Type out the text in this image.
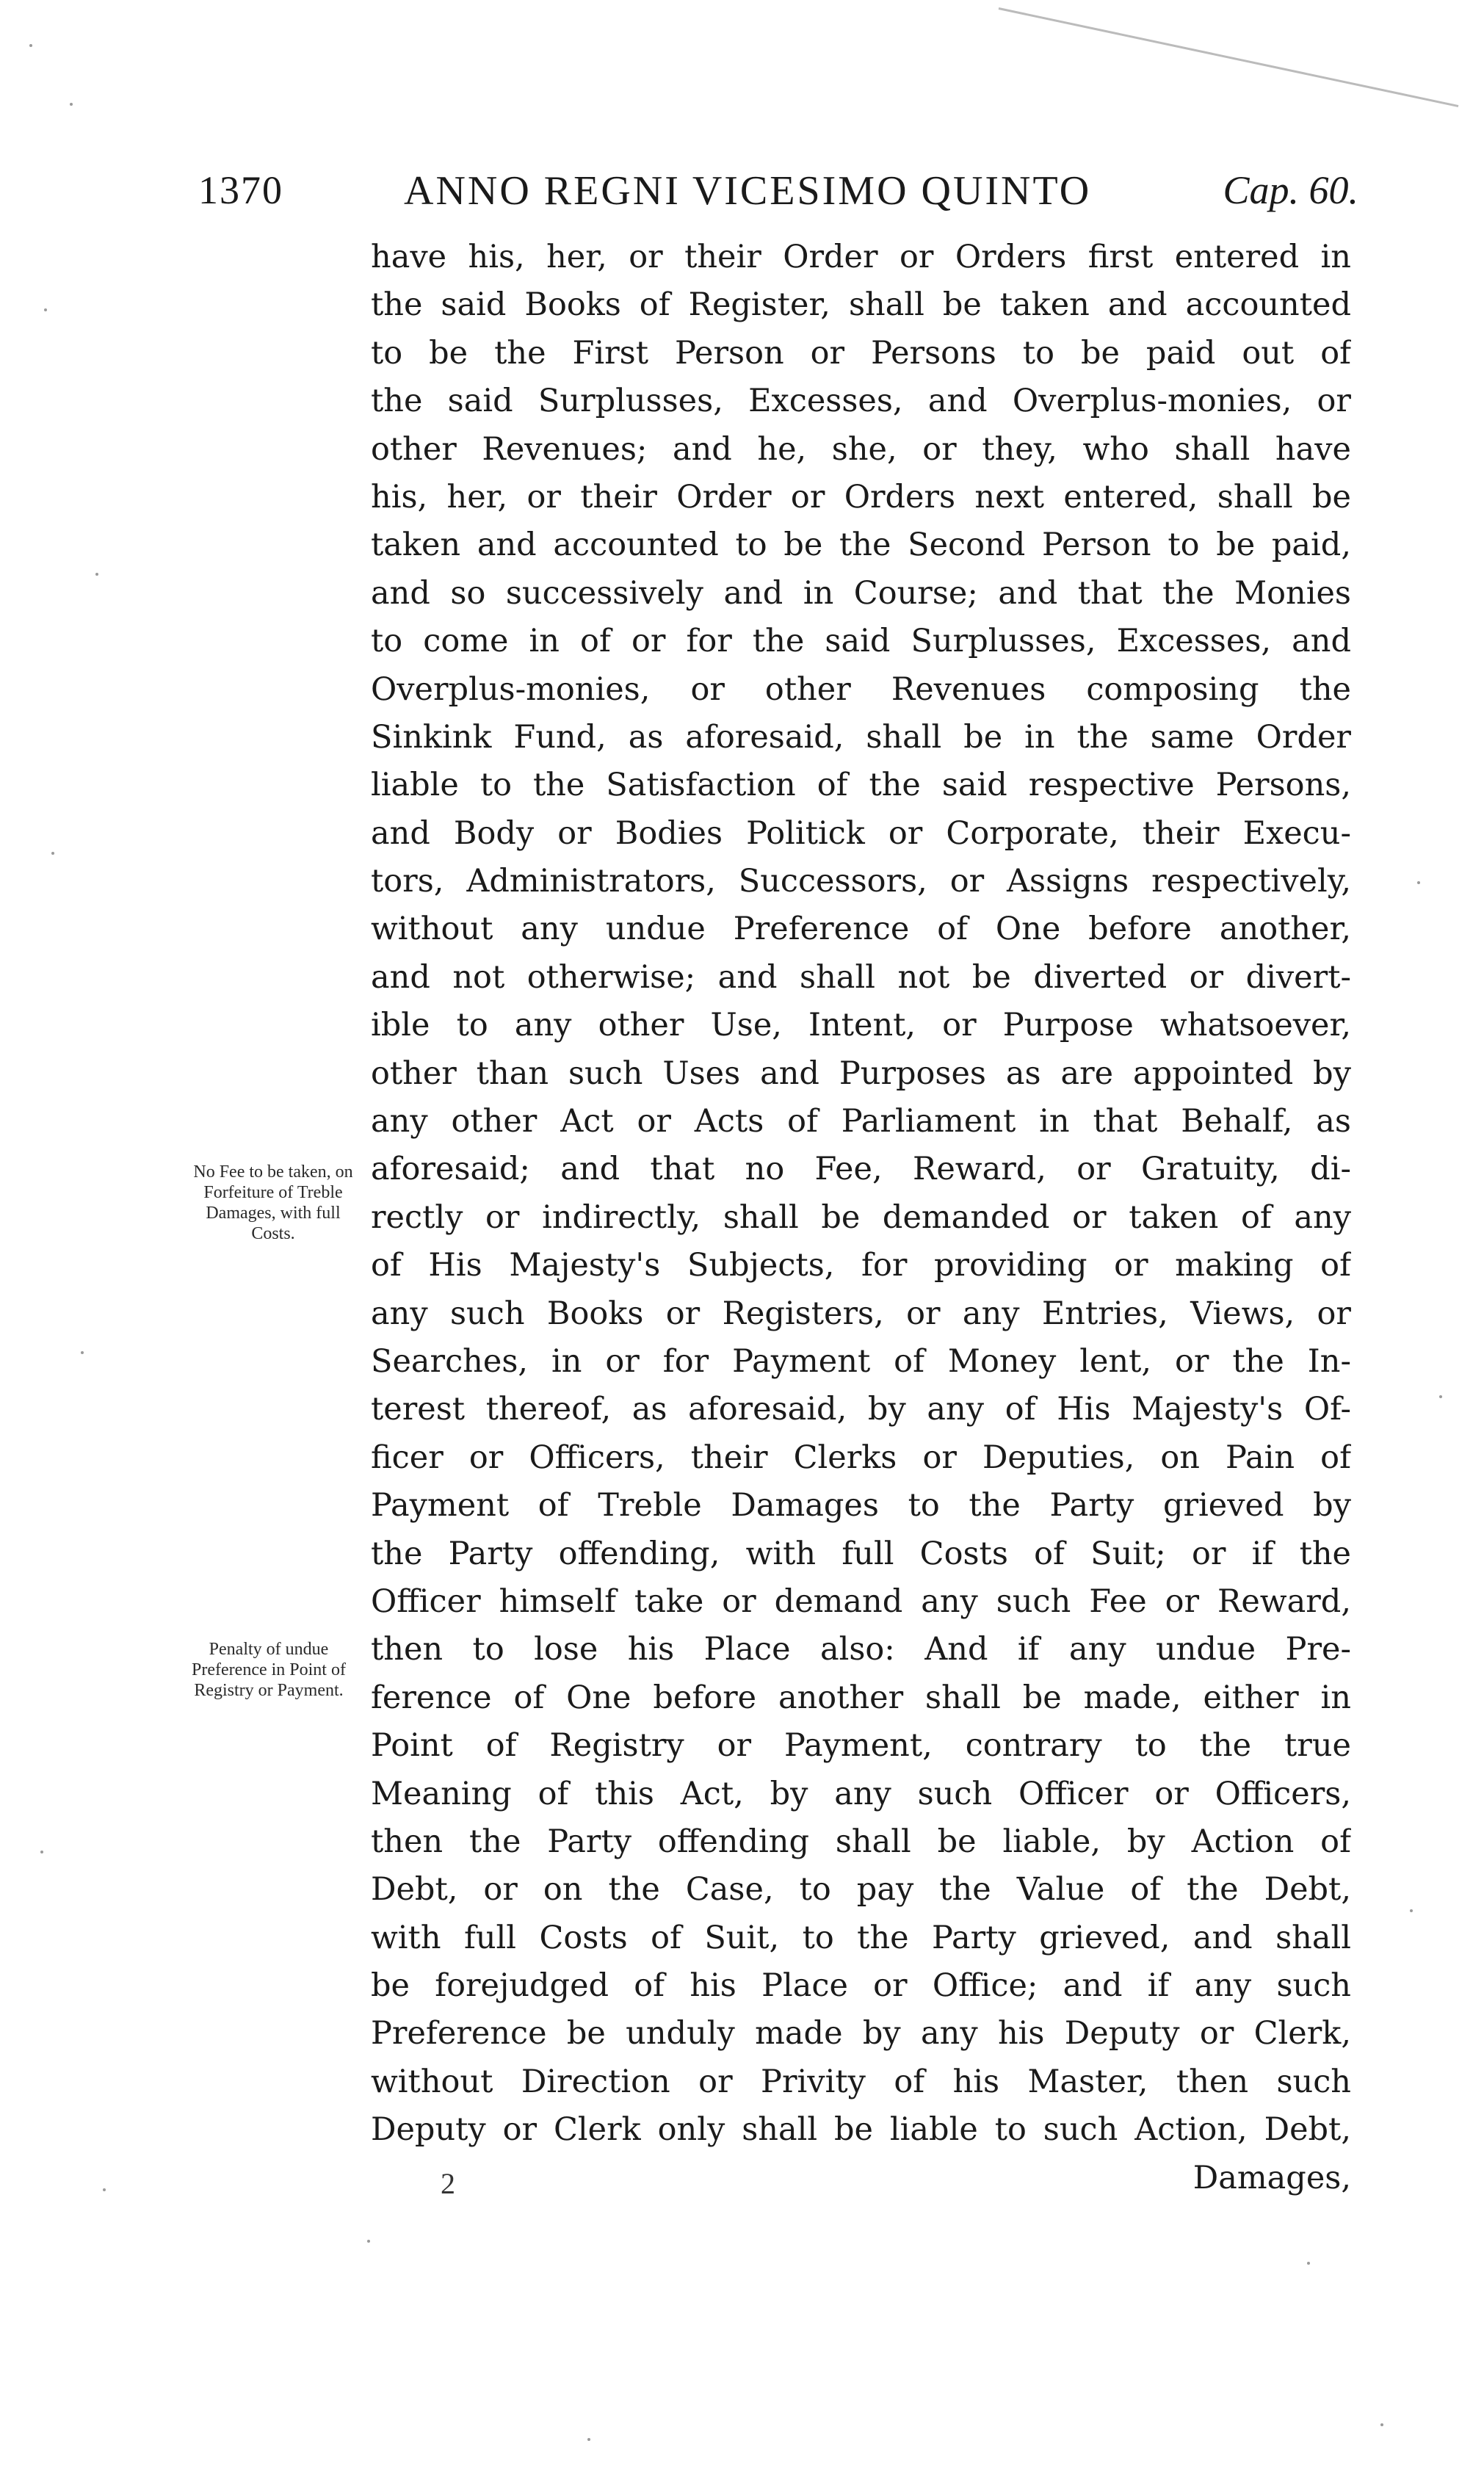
1370	ANNO REGNI VICESIMO QUINTO	Cap. 60.
No Fee to be taken, on Forfeiture of Treble Damages, with full Costs.
Penalty of undue Preference in Point of Registry or Payment.
have his, her, or their Order or Orders first entered in
the said Books of Register, shall be taken and accounted
to be the First Person or Persons to be paid out of
the said Surplusses, Excesses, and Overplus-monies, or
other Revenues; and he, she, or they, who shall have
his, her, or their Order or Orders next entered, shall be
taken and accounted to be the Second Person to be paid,
and so successively and in Course; and that the Monies
to come in of or for the said Surplusses, Excesses, and
Overplus-monies, or other Revenues composing the
Sinkink Fund, as aforesaid, shall be in the same Order
liable to the Satisfaction of the said respective Persons,
and Body or Bodies Politick or Corporate, their Execu-
tors, Administrators, Successors, or Assigns respectively,
without any undue Preference of One before another,
and not otherwise; and shall not be diverted or divert-
ible to any other Use, Intent, or Purpose whatsoever,
other than such Uses and Purposes as are appointed by
any other Act or Acts of Parliament in that Behalf, as
aforesaid; and that no Fee, Reward, or Gratuity, di-
rectly or indirectly, shall be demanded or taken of any
of His Majesty's Subjects, for providing or making of
any such Books or Registers, or any Entries, Views, or
Searches, in or for Payment of Money lent, or the In-
terest thereof, as aforesaid, by any of His Majesty's Of-
ficer or Officers, their Clerks or Deputies, on Pain of
Payment of Treble Damages to the Party grieved by
the Party offending, with full Costs of Suit; or if the
Officer himself take or demand any such Fee or Reward,
then to lose his Place also: And if any undue Pre-
ference of One before another shall be made, either in
Point of Registry or Payment, contrary to the true
Meaning of this Act, by any such Officer or Officers,
then the Party offending shall be liable, by Action of
Debt, or on the Case, to pay the Value of the Debt,
with full Costs of Suit, to the Party grieved, and shall
be forejudged of his Place or Office; and if any such
Preference be unduly made by any his Deputy or Clerk,
without Direction or Privity of his Master, then such
Deputy or Clerk only shall be liable to such Action, Debt,
Damages,
2
